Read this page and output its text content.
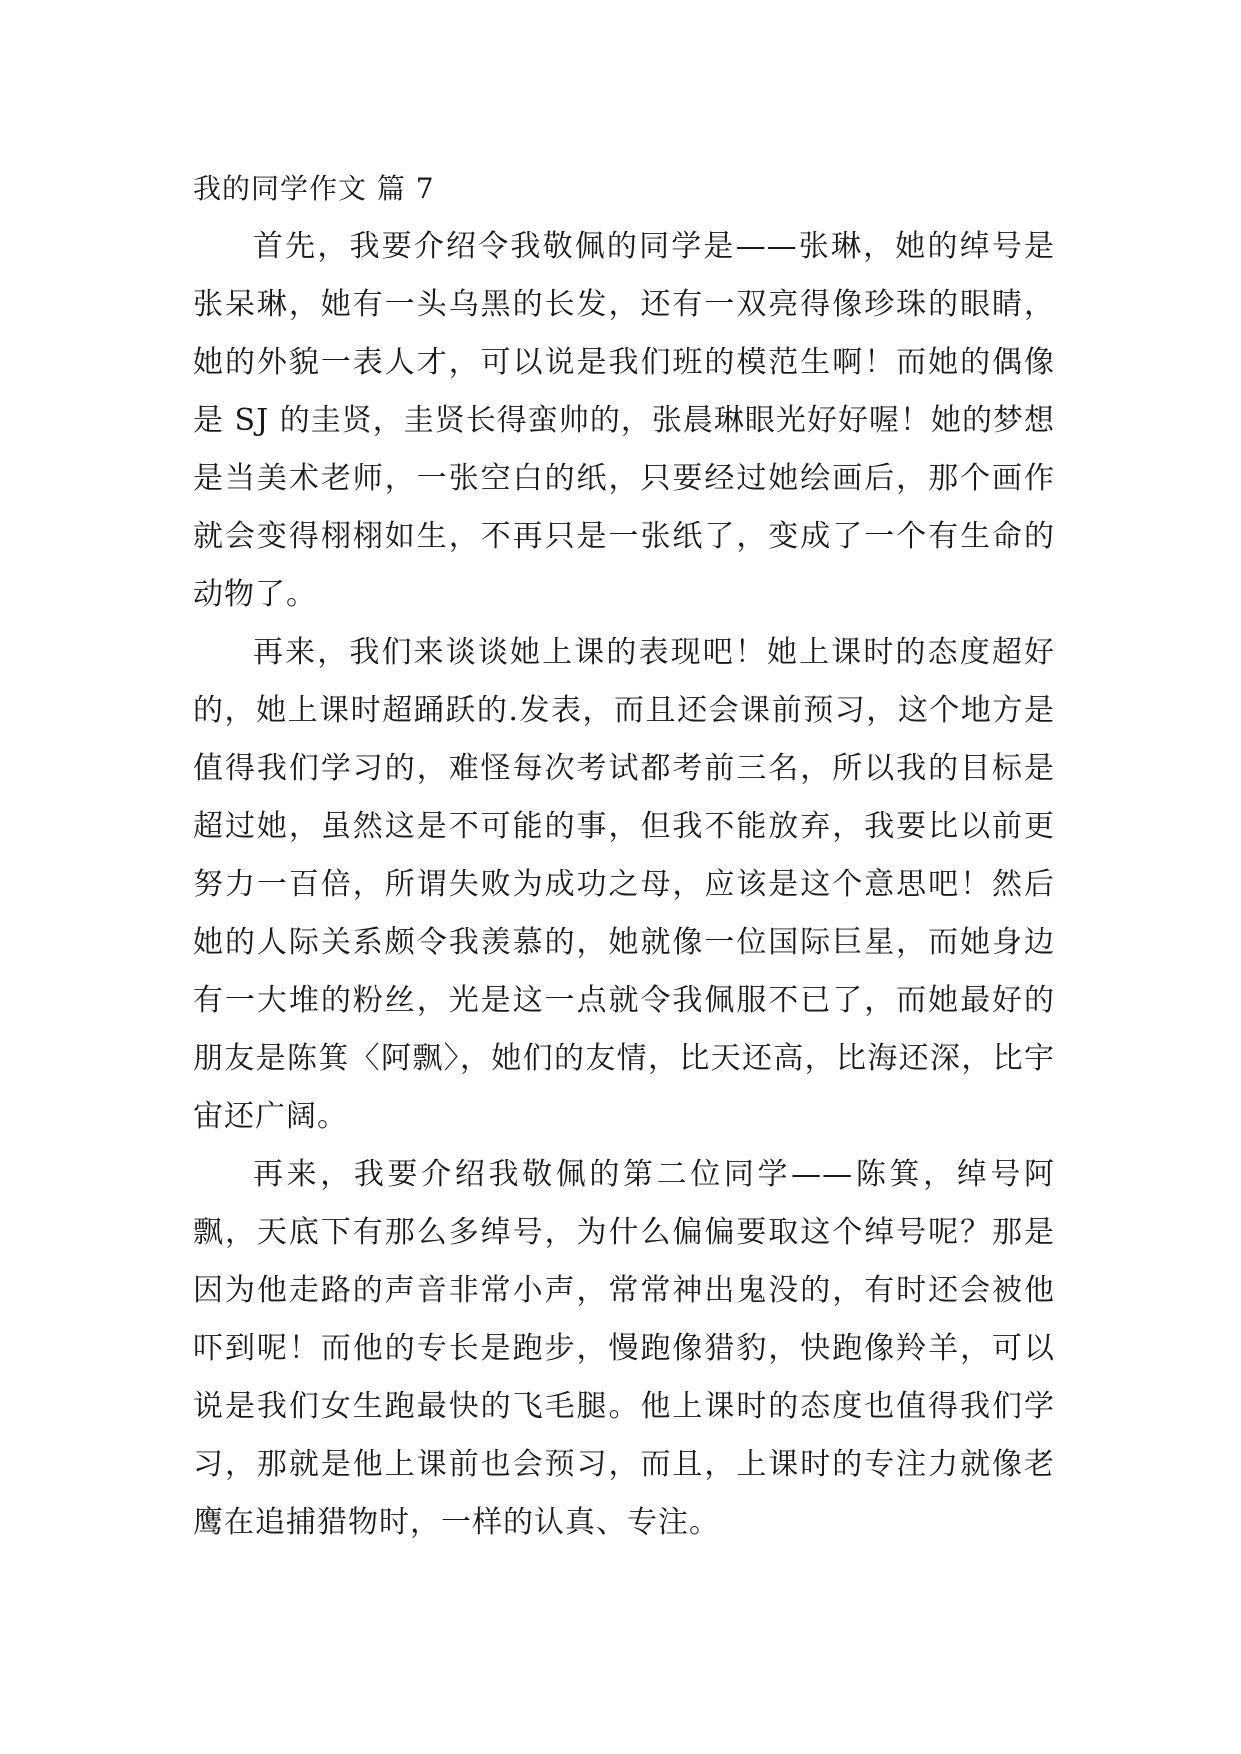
我的同学作文 篇 7

首先，我要介绍令我敬佩的同学是——张琳，她的绰号是张呆琳，她有一头乌黑的长发，还有一双亮得像珍珠的眼睛，她的外貌一表人才，可以说是我们班的模范生啊！而她的偶像是 SJ 的圭贤，圭贤长得蛮帅的，张晨琳眼光好好喔！她的梦想是当美术老师，一张空白的纸，只要经过她绘画后，那个画作就会变得栩栩如生，不再只是一张纸了，变成了一个有生命的动物了。

再来，我们来谈谈她上课的表现吧！她上课时的态度超好的，她上课时超踊跃的.发表，而且还会课前预习，这个地方是值得我们学习的，难怪每次考试都考前三名，所以我的目标是超过她，虽然这是不可能的事，但我不能放弃，我要比以前更努力一百倍，所谓失败为成功之母，应该是这个意思吧！然后她的人际关系颇令我羡慕的，她就像一位国际巨星，而她身边有一大堆的粉丝，光是这一点就令我佩服不已了，而她最好的朋友是陈箕〈阿飘〉，她们的友情，比天还高，比海还深，比宇宙还广阔。

再来，我要介绍我敬佩的第二位同学——陈箕，绰号阿飘，天底下有那么多绰号，为什么偏偏要取这个绰号呢？那是因为他走路的声音非常小声，常常神出鬼没的，有时还会被他吓到呢！而他的专长是跑步，慢跑像猎豹，快跑像羚羊，可以说是我们女生跑最快的飞毛腿。他上课时的态度也值得我们学习，那就是他上课前也会预习，而且，上课时的专注力就像老鹰在追捕猎物时，一样的认真、专注。
